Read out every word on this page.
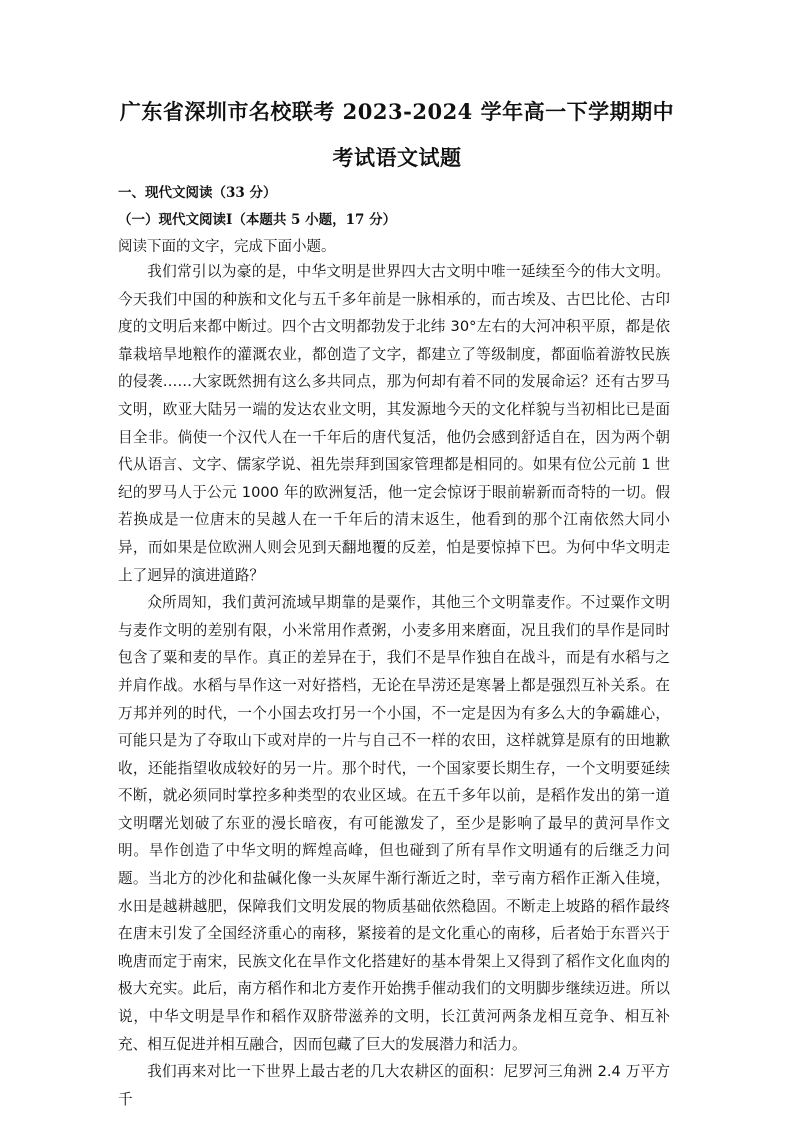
广东省深圳市名校联考 2023-2024 学年高一下学期期中
考试语文试题
一、现代文阅读（33 分）
（一）现代文阅读Ⅰ（本题共 5 小题，17 分）
阅读下面的文字，完成下面小题。

我们常引以为豪的是，中华文明是世界四大古文明中唯一延续至今的伟大文明。今天我们中国的种族和文化与五千多年前是一脉相承的，而古埃及、古巴比伦、古印度的文明后来都中断过。四个古文明都勃发于北纬 30°左右的大河冲积平原，都是依靠栽培旱地粮作的灌溉农业，都创造了文字，都建立了等级制度，都面临着游牧民族的侵袭……大家既然拥有这么多共同点，那为何却有着不同的发展命运？还有古罗马文明，欧亚大陆另一端的发达农业文明，其发源地今天的文化样貌与当初相比已是面目全非。倘使一个汉代人在一千年后的唐代复活，他仍会感到舒适自在，因为两个朝代从语言、文字、儒家学说、祖先崇拜到国家管理都是相同的。如果有位公元前 1 世纪的罗马人于公元 1000 年的欧洲复活，他一定会惊讶于眼前崭新而奇特的一切。假若换成是一位唐末的吴越人在一千年后的清末返生，他看到的那个江南依然大同小异，而如果是位欧洲人则会见到天翻地覆的反差，怕是要惊掉下巴。为何中华文明走上了迥异的演进道路？

众所周知，我们黄河流域早期靠的是粟作，其他三个文明靠麦作。不过粟作文明与麦作文明的差别有限，小米常用作煮粥，小麦多用来磨面，况且我们的旱作是同时包含了粟和麦的旱作。真正的差异在于，我们不是旱作独自在战斗，而是有水稻与之并肩作战。水稻与旱作这一对好搭档，无论在旱涝还是寒暑上都是强烈互补关系。在万邦并列的时代，一个小国去攻打另一个小国，不一定是因为有多么大的争霸雄心，可能只是为了夺取山下或对岸的一片与自己不一样的农田，这样就算是原有的田地歉收，还能指望收成较好的另一片。那个时代，一个国家要长期生存，一个文明要延续不断，就必须同时掌控多种类型的农业区域。在五千多年以前，是稻作发出的第一道文明曙光划破了东亚的漫长暗夜，有可能激发了，至少是影响了最早的黄河旱作文明。旱作创造了中华文明的辉煌高峰，但也碰到了所有旱作文明通有的后继乏力问题。当北方的沙化和盐碱化像一头灰犀牛渐行渐近之时，幸亏南方稻作正渐入佳境，水田是越耕越肥，保障我们文明发展的物质基础依然稳固。不断走上坡路的稻作最终在唐末引发了全国经济重心的南移，紧接着的是文化重心的南移，后者始于东晋兴于晚唐而定于南宋，民族文化在旱作文化搭建好的基本骨架上又得到了稻作文化血肉的极大充实。此后，南方稻作和北方麦作开始携手催动我们的文明脚步继续迈进。所以说，中华文明是旱作和稻作双脐带滋养的文明，长江黄河两条龙相互竞争、相互补充、相互促进并相互融合，因而包藏了巨大的发展潜力和活力。

我们再来对比一下世界上最古老的几大农耕区的面积：尼罗河三角洲 2.4 万平方千
